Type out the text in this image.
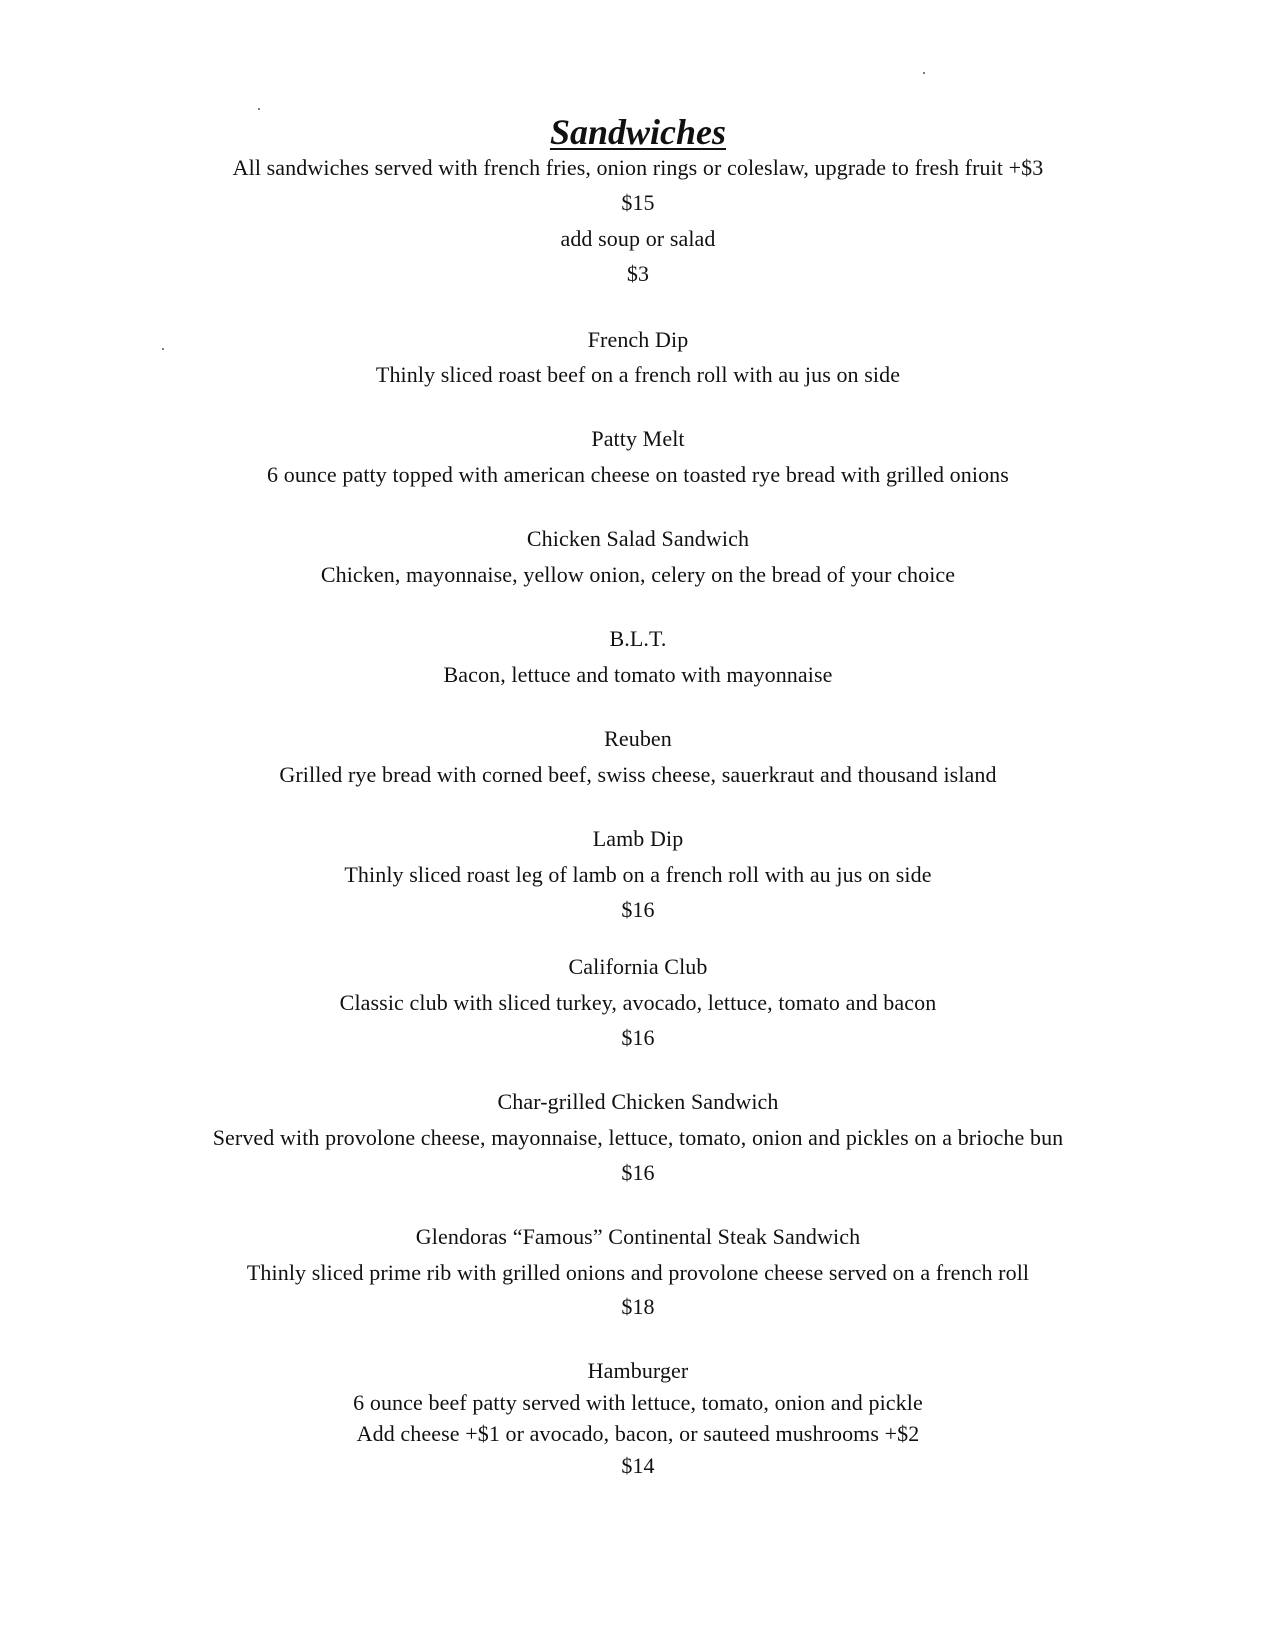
Sandwiches
All sandwiches served with french fries, onion rings or coleslaw, upgrade to fresh fruit +$3
$15
add soup or salad
$3
French Dip
Thinly sliced roast beef on a french roll with au jus on side
Patty Melt
6 ounce patty topped with american cheese on toasted rye bread with grilled onions
Chicken Salad Sandwich
Chicken, mayonnaise, yellow onion, celery on the bread of your choice
B.L.T.
Bacon, lettuce and tomato with mayonnaise
Reuben
Grilled rye bread with corned beef, swiss cheese, sauerkraut and thousand island
Lamb Dip
Thinly sliced roast leg of lamb on a french roll with au jus on side
$16
California Club
Classic club with sliced turkey, avocado, lettuce, tomato and bacon
$16
Char-grilled Chicken Sandwich
Served with provolone cheese, mayonnaise, lettuce, tomato, onion and pickles on a brioche bun
$16
Glendoras “Famous” Continental Steak Sandwich
Thinly sliced prime rib with grilled onions and provolone cheese served on a french roll
$18
Hamburger
6 ounce beef patty served with lettuce, tomato, onion and pickle
Add cheese +$1 or avocado, bacon, or sauteed mushrooms +$2
$14
